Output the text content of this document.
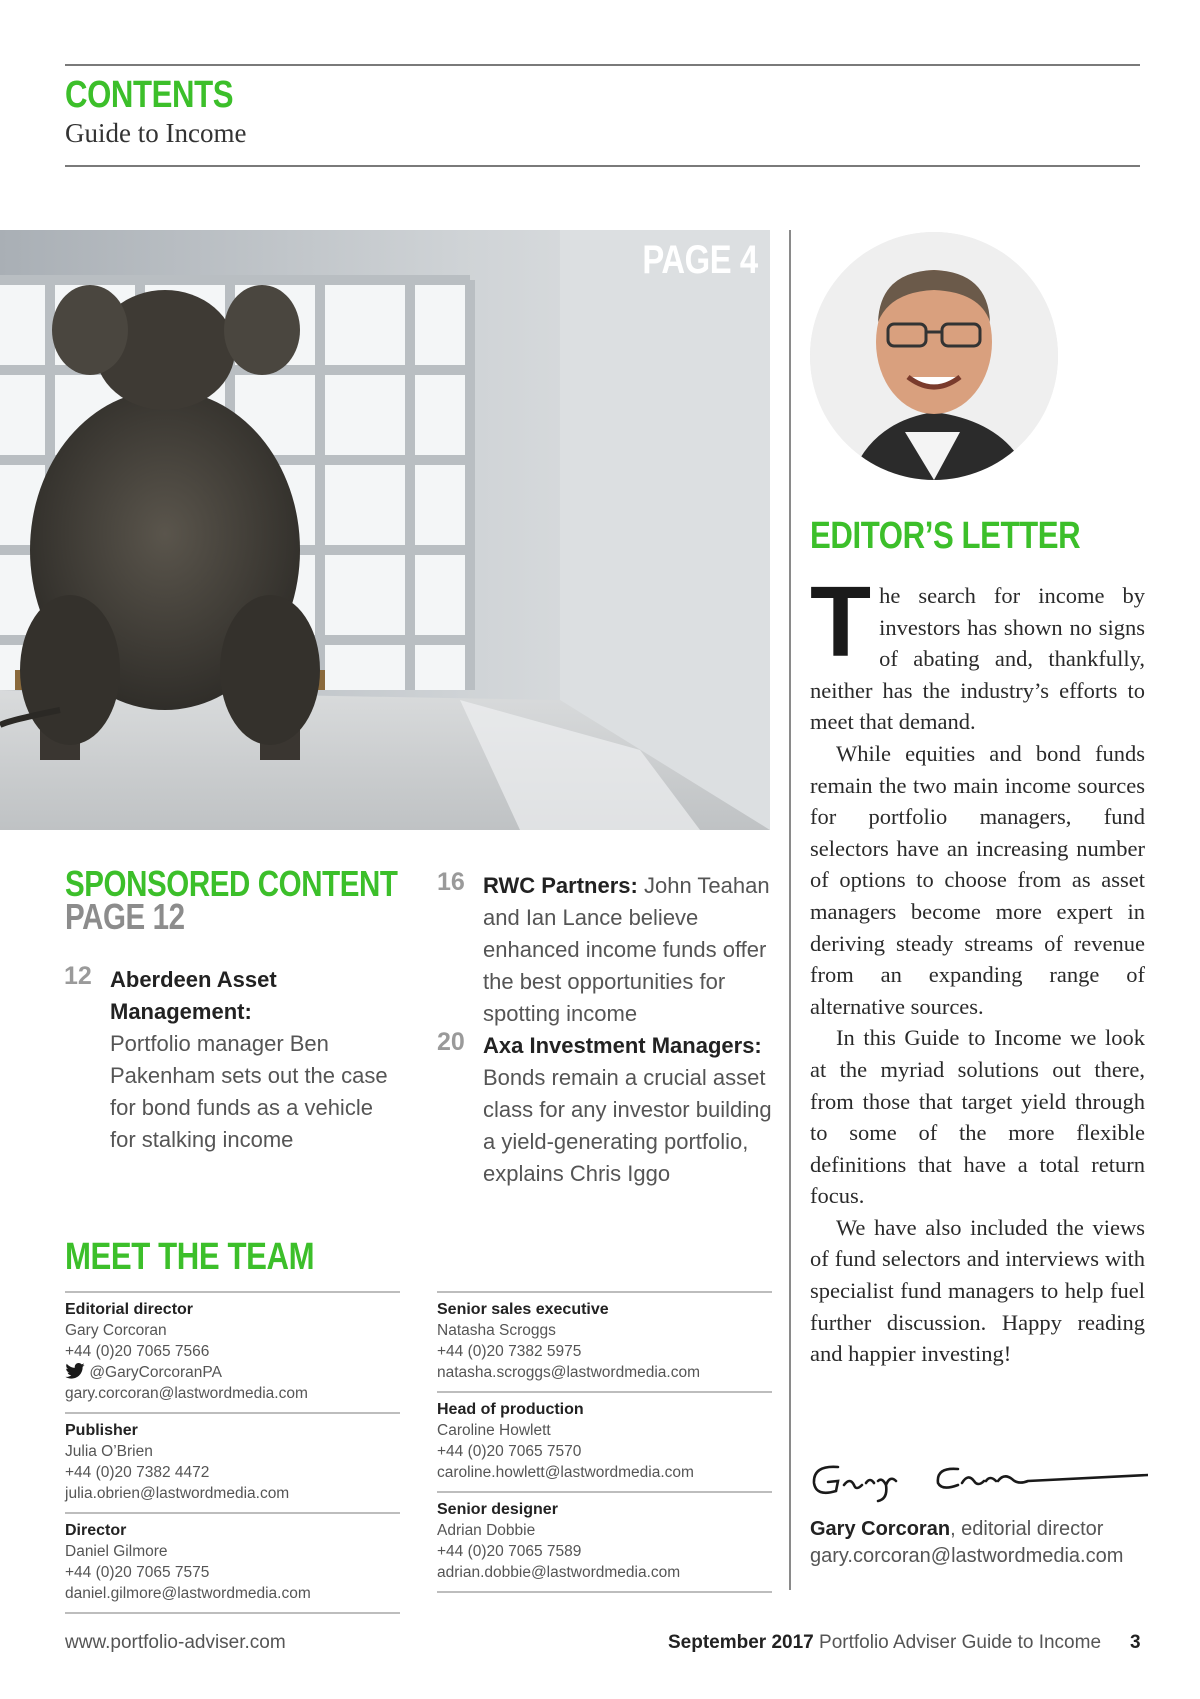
CONTENTS
Guide to Income
PAGE 4
SPONSORED CONTENT
PAGE 12
12 Aberdeen Asset Management:
Portfolio manager Ben Pakenham sets out the case for bond funds as a vehicle for stalking income
16 RWC Partners: John Teahan and Ian Lance believe enhanced income funds offer the best opportunities for spotting income
20 Axa Investment Managers:
Bonds remain a crucial asset class for any investor building a yield-generating portfolio, explains Chris Iggo
MEET THE TEAM
Editorial director
Gary Corcoran
+44 (0)20 7065 7566
@GaryCorcoranPA
gary.corcoran@lastwordmedia.com
Publisher
Julia O’Brien
+44 (0)20 7382 4472
julia.obrien@lastwordmedia.com
Director
Daniel Gilmore
+44 (0)20 7065 7575
daniel.gilmore@lastwordmedia.com
Senior sales executive
Natasha Scroggs
+44 (0)20 7382 5975
natasha.scroggs@lastwordmedia.com
Head of production
Caroline Howlett
+44 (0)20 7065 7570
caroline.howlett@lastwordmedia.com
Senior designer
Adrian Dobbie
+44 (0)20 7065 7589
adrian.dobbie@lastwordmedia.com
EDITOR’S LETTER

The search for income by investors has shown no signs of abating and, thankfully, neither has the industry’s efforts to meet that demand.

While equities and bond funds remain the two main income sources for portfolio managers, fund selectors have an increasing number of options to choose from as asset managers become more expert in deriving steady streams of revenue from an expanding range of alternative sources.

In this Guide to Income we look at the myriad solutions out there, from those that target yield through to some of the more flexible definitions that have a total return focus.

We have also included the views of fund selectors and interviews with specialist fund managers to help fuel further discussion. Happy reading and happier investing!

Gary Corcoran, editorial director
gary.corcoran@lastwordmedia.com
www.portfolio-adviser.com	September 2017 Portfolio Adviser Guide to Income 3
